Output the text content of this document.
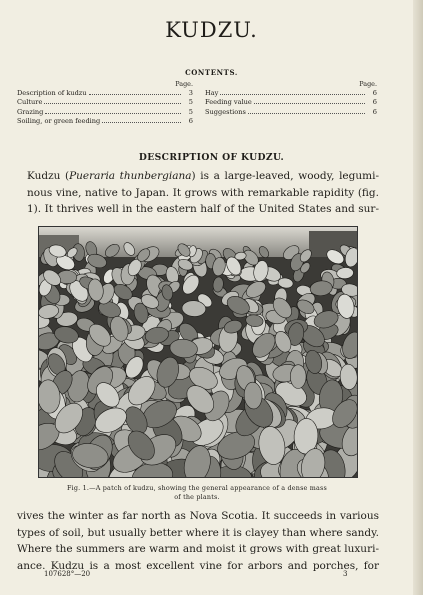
KUDZU.
CONTENTS.
Page.
Description of kudzu	3
Culture	5
Grazing	5
Soiling, or green feeding	6
Page.
Hay	6
Feeding value	6
Suggestions	6
DESCRIPTION OF KUDZU.
Kudzu (Pueraria thunbergiana) is a large-leaved, woody, legumi-
nous vine, native to Japan. It grows with remarkable rapidity (fig.
1). It thrives well in the eastern half of the United States and sur-
Fig. 1.—A patch of kudzu, showing the general appearance of a dense mass
of the plants.
vives the winter as far north as Nova Scotia. It succeeds in various
types of soil, but usually better where it is clayey than where sandy.
Where the summers are warm and moist it grows with great luxuri-
ance. Kudzu is a most excellent vine for arbors and porches, for
107628°—20	3
